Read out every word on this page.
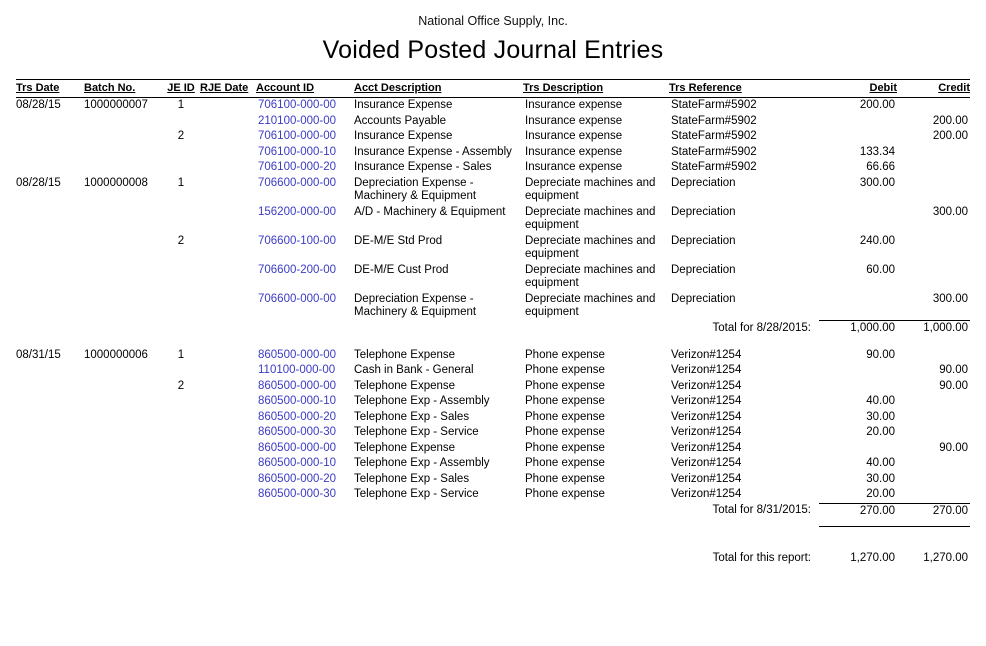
National Office Supply, Inc.
Voided Posted Journal Entries
Trs Date	Batch No.	JE ID	RJE Date	Account ID	Acct Description	Trs Description	Trs Reference	Debit	Credit
08/28/15	1000000007	1		706100-000-00	Insurance Expense	Insurance expense	StateFarm#5902	200.00	
				210100-000-00	Accounts Payable	Insurance expense	StateFarm#5902		200.00
		2		706100-000-00	Insurance Expense	Insurance expense	StateFarm#5902		200.00
				706100-000-10	Insurance Expense - Assembly	Insurance expense	StateFarm#5902	133.34	
				706100-000-20	Insurance Expense - Sales	Insurance expense	StateFarm#5902	66.66	
08/28/15	1000000008	1		706600-000-00	Depreciation Expense - Machinery & Equipment	Depreciate machines and equipment	Depreciation	300.00	
				156200-000-00	A/D - Machinery & Equipment	Depreciate machines and equipment	Depreciation		300.00
		2		706600-100-00	DE-M/E Std Prod	Depreciate machines and equipment	Depreciation	240.00	
				706600-200-00	DE-M/E Cust Prod	Depreciate machines and equipment	Depreciation	60.00	
				706600-000-00	Depreciation Expense - Machinery & Equipment	Depreciate machines and equipment	Depreciation		300.00
							Total for 8/28/2015:	1,000.00	1,000.00

08/31/15	1000000006	1		860500-000-00	Telephone Expense	Phone expense	Verizon#1254	90.00	
				110100-000-00	Cash in Bank - General	Phone expense	Verizon#1254		90.00
		2		860500-000-00	Telephone Expense	Phone expense	Verizon#1254		90.00
				860500-000-10	Telephone Exp - Assembly	Phone expense	Verizon#1254	40.00	
				860500-000-20	Telephone Exp - Sales	Phone expense	Verizon#1254	30.00	
				860500-000-30	Telephone Exp - Service	Phone expense	Verizon#1254	20.00	
				860500-000-00	Telephone Expense	Phone expense	Verizon#1254		90.00
				860500-000-10	Telephone Exp - Assembly	Phone expense	Verizon#1254	40.00	
				860500-000-20	Telephone Exp - Sales	Phone expense	Verizon#1254	30.00	
				860500-000-30	Telephone Exp - Service	Phone expense	Verizon#1254	20.00	
							Total for 8/31/2015:	270.00	270.00

							Total for this report:	1,270.00	1,270.00
